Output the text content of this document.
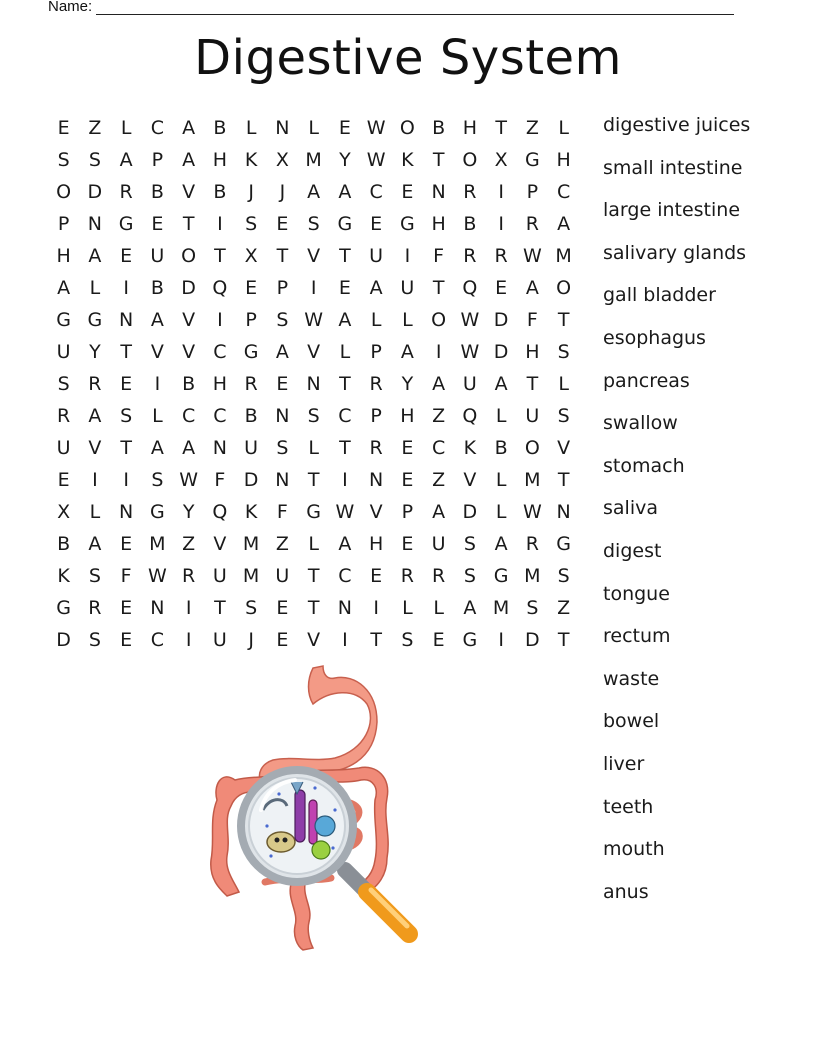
Name:
Digestive System
E Z	L	C A B	L N L	E W O B H T Z	L
S	S A	P	A H K X M Y W K	T O X G H
O D R B V B	J	J	A A C E N R	I	P C
P N G E	T	I	S	E	S G E G H B	I	R A
H A E U O T X T V T U	I	F	R R W M
A	L	I	B D Q E	P	I	E A U T Q E A O
G G N A V	I	P	S W A	L	L O W D F	T
U Y	T V V C G A V	L	P	A	I	W D H S
S R E	I	B H R E N T R Y A U A T	L
R A S	L	C C B N S C P H Z Q L U S
U V T A A N U S	L	T R E C K B O V
E	I	I	S W F D N T	I	N E Z V	L M T
X	L N G Y Q K	F G W V	P	A D L W N
B A E M Z V M Z	L	A H E U S A R G
K S	F W R U M U T C E R R S G M S
G R E N	I	T	S	E	T N	I	L	L	A M S Z
D S	E C	I	U	J	E V	I	T	S	E G	I	D T
digestive juices
small intestine
large intestine
salivary glands
gall bladder
esophagus
pancreas
swallow
stomach
saliva
digest
tongue
rectum
waste
bowel
liver
teeth
mouth
anus
